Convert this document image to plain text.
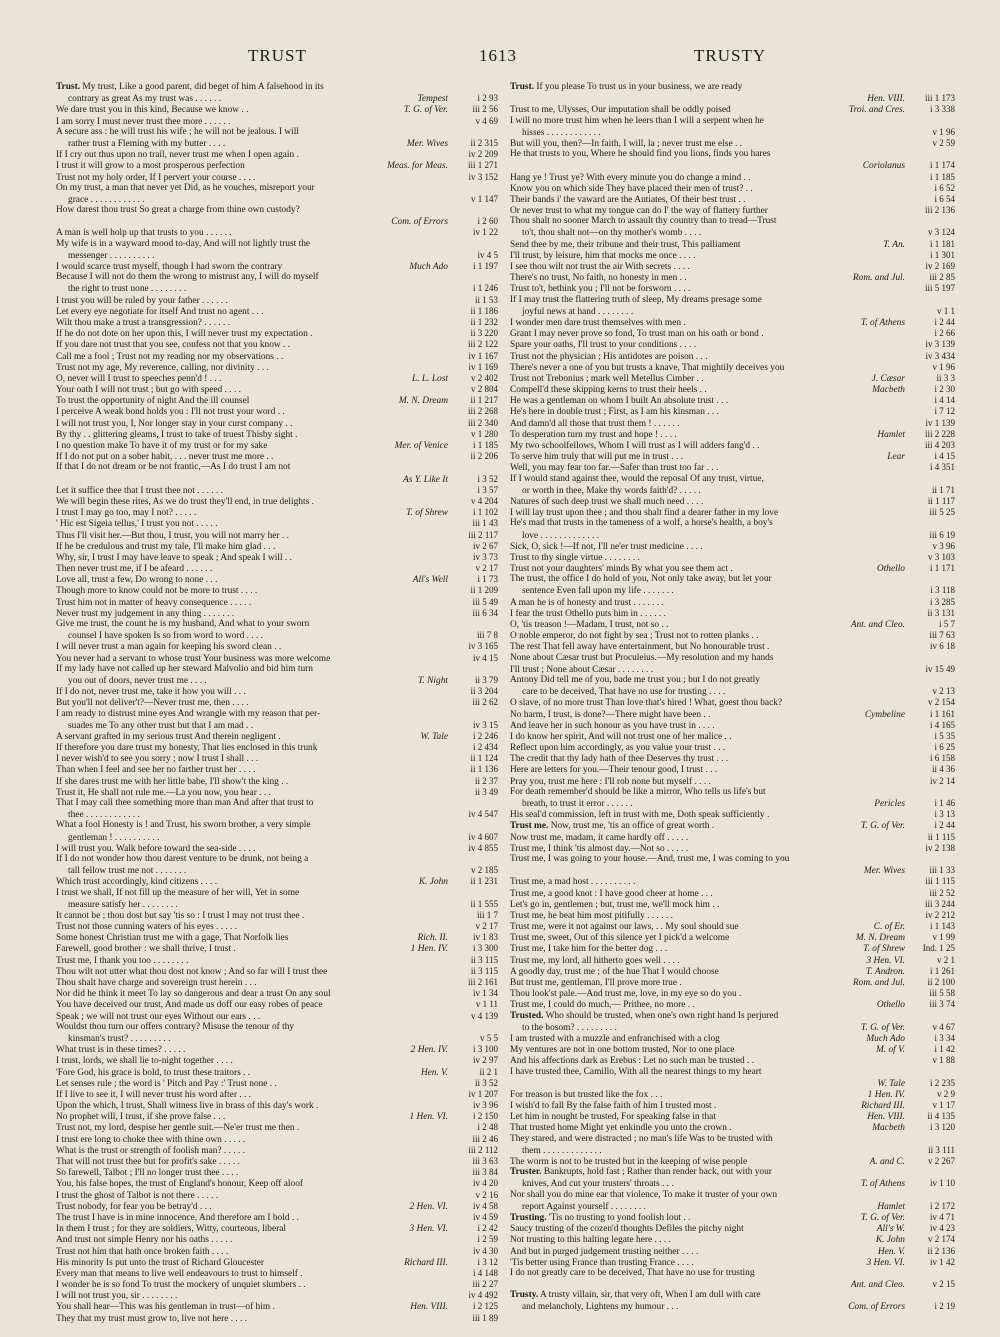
TRUST	1613	TRUSTY
Trust. My trust, Like a good parent, did beget of him A falsehood in its
contrary as great As my trust was . . . . . .	Tempest	i 2 93
We dare trust you in this kind, Because we know . .	T. G. of Ver.	iii 2 56
I am sorry I must never trust thee more . . . . . .	v 4 69
A secure ass : he will trust his wife ; he will not be jealous. I will
rather trust a Fleming with my butter . . . .	Mer. Wives	ii 2 315
If I cry out thus upon no trail, never trust me when I open again .	iv 2 209
I trust it will grow to a most prosperous perfection	Meas. for Meas.	iii 1 271
Trust not my holy order, If I pervert your course . . . .	iv 3 152
On my trust, a man that never yet Did, as he vouches, misreport your
grace . . . . . . . . . . . .	v 1 147
How darest thou trust So great a charge from thine own custody?
Com. of Errors	i 2 60
A man is well holp up that trusts to you . . . . . .	iv 1 22
My wife is in a wayward mood to-day, And will not lightly trust the
messenger . . . . . . . . . .	iv 4 5
I would scarce trust myself, though I had sworn the contrary	Much Ado	i 1 197
Because I will not do them the wrong to mistrust any, I will do myself
the right to trust none . . . . . . . .	i 1 246
I trust you will be ruled by your father . . . . . .	ii 1 53
Let every eye negotiate for itself And trust no agent . . .	ii 1 186
Wilt thou make a trust a transgression? . . . . . .	ii 1 232
If he do not dote on her upon this, I will never trust my expectation .	ii 3 220
If you dare not trust that you see, confess not that you know . .	iii 2 122
Call me a fool ; Trust not my reading nor my observations . .	iv 1 167
Trust not my age, My reverence, calling, nor divinity . . .	iv 1 169
O, never will I trust to speeches penn'd ! . . .	L. L. Lost	v 2 402
Your oath I will not trust ; but go with speed . . . .	v 2 804
To trust the opportunity of night And the ill counsel	M. N. Dream	ii 1 217
I perceive A weak bond holds you : I'll not trust your word . .	iii 2 268
I will not trust you, I, Nor longer stay in your curst company . .	iii 2 340
By thy . . glittering gleams, I trust to take of truest Thisby sight .	v 1 280
I no question make To have it of my trust or for my sake	Mer. of Venice	i 1 185
If I do not put on a sober habit, . . . never trust me more . .	ii 2 206
If that I do not dream or be not frantic,—As I do trust I am not
As Y. Like It	i 3 52
Let it suffice thee that I trust thee not . . . . . .	i 3 57
We will begin these rites, As we do trust they'll end, in true delights .	v 4 204
I trust I may go too, may I not? . . . . .	T. of Shrew	i 1 102
' Hic est Sigeia tellus,' I trust you not . . . . .	iii 1 43
Thus I'll visit her.—But thou, I trust, you will not marry her . .	iii 2 117
If he be credulous and trust my tale, I'll make him glad . . .	iv 2 67
Why, sir, I trust I may have leave to speak ; And speak I will . .	iv 3 73
Then never trust me, if I be afeard . . . . . .	v 2 17
Love all, trust a few, Do wrong to none . . .	All's Well	i 1 73
Though more to know could not be more to trust . . . .	ii 1 209
Trust him not in matter of heavy consequence . . . . .	iii 5 49
Never trust my judgement in any thing . . . . . . .	iii 6 34
Give me trust, the count he is my husband, And what to your sworn
counsel I have spoken Is so from word to word . . . .	iii 7 8
I will never trust a man again for keeping his sword clean . .	iv 3 165
You never had a servant to whose trust Your business was more welcome	iv 4 15
If my lady have not called up her steward Malvolio and bid him turn
you out of doors, never trust me . . . .	T. Night	ii 3 79
If I do not, never trust me, take it how you will . . .	ii 3 204
But you'll not deliver't?—Never trust me, then . . . .	iii 2 62
I am ready to distrust mine eyes And wrangle with my reason that per-
suades me To any other trust but that I am mad . .	iv 3 15
A servant grafted in my serious trust And therein negligent .	W. Tale	i 2 246
If therefore you dare trust my honesty, That lies enclosed in this trunk	i 2 434
I never wish'd to see you sorry ; now I trust I shall . . .	ii 1 124
Than when I feel and see her no farther trust her . . . .	ii 1 136
If she dares trust me with her little babe, I'll show't the king . .	ii 2 37
Trust it, He shall not rule me.—La you now, you hear . . .	ii 3 49
That I may call thee something more than man And after that trust to
thee . . . . . . . . . . . .	iv 4 547
What a fool Honesty is ! and Trust, his sworn brother, a very simple
gentleman ! . . . . . . . . . .	iv 4 607
I will trust you. Walk before toward the sea-side . . . .	iv 4 855
If I do not wonder how thou darest venture to be drunk, not being a
tall fellow trust me not . . . . . . .	v 2 185
Which trust accordingly, kind citizens . . . .	K. John	ii 1 231
I trust we shall, If not fill up the measure of her will, Yet in some
measure satisfy her . . . . . . . .	ii 1 555
It cannot be ; thou dost but say 'tis so : I trust I may not trust thee .	iii 1 7
Trust not those cunning waters of his eyes . . . . .	v 2 17
Some honest Christian trust me with a gage, That Norfolk lies	Rich. II.	iv 1 83
Farewell, good brother : we shall thrive, I trust .	1 Hen. IV.	i 3 300
Trust me, I thank you too . . . . . . . .	ii 3 115
Thou wilt not utter what thou dost not know ; And so far will I trust thee	ii 3 115
Thou shalt have charge and sovereign trust herein . . .	iii 2 161
Nor did he think it meet To lay so dangerous and dear a trust On any soul	iv 1 34
You have deceived our trust, And made us doff our easy robes of peace	v 1 11
Speak ; we will not trust our eyes Without our ears . . .	v 4 139
Wouldst thou turn our offers contrary? Misuse the tenour of thy
kinsman's trust? . . . . . . . . .	v 5 5
What trust is in these times? . . . . .	2 Hen. IV.	i 3 100
I trust, lords, we shall lie to-night together . . . .	iv 2 97
'Fore God, his grace is bold, to trust these traitors . .	Hen. V.	ii 2 1
Let senses rule ; the word is ' Pitch and Pay :' Trust none . .	ii 3 52
If I live to see it, I will never trust his word after . . .	iv 1 207
Upon the which, I trust, Shall witness live in brass of this day's work .	iv 3 96
No prophet will, I trust, if she prove false . . .	1 Hen. VI.	i 2 150
Trust not, my lord, despise her gentle suit.—Ne'er trust me then .	i 2 48
I trust ere long to choke thee with thine own . . . . .	iii 2 46
What is the trust or strength of foolish man? . . . . .	iii 2 112
That will not trust thee but for profit's sake . . . . .	iii 3 63
So farewell, Talbot ; I'll no longer trust thee . . . .	iii 3 84
You, his false hopes, the trust of England's honour, Keep off aloof	iv 4 20
I trust the ghost of Talbot is not there . . . . .	v 2 16
Trust nobody, for fear you be betray'd . . .	2 Hen. VI.	iv 4 58
The trust I have is in mine innocence, And therefore am I bold . .	iv 4 59
In them I trust ; for they are soldiers, Witty, courteous, liberal	3 Hen. VI.	i 2 42
And trust not simple Henry nor his oaths . . . . .	i 2 59
Trust not him that hath once broken faith . . . .	iv 4 30
His minority Is put unto the trust of Richard Gloucester	Richard III.	i 3 12
Every man that means to live well endeavours to trust to himself .	i 4 148
I wonder he is so fond To trust the mockery of unquiet slumbers . .	iii 2 27
I will not trust you, sir . . . . . . . .	iv 4 492
You shall hear—This was his gentleman in trust—of him .	Hen. VIII.	i 2 125
They that my trust must grow to, live not here . . . .	iii 1 89
Trust. If you please To trust us in your business, we are ready
Hen. VIII.	iii 1 173
Trust to me, Ulysses, Our imputation shall be oddly poised	Troi. and Cres.	i 3 338
I will no more trust him when he leers than I will a serpent when he
hisses . . . . . . . . . . . .	v 1 96
But will you, then?—In faith, I will, la ; never trust me else . .	v 2 59
He that trusts to you, Where he should find you lions, finds you hares
Coriolanus	i 1 174
Hang ye ! Trust ye? With every minute you do change a mind . .	i 1 185
Know you on which side They have placed their men of trust? . .	i 6 52
Their bands i' the vaward are the Antiates, Of their best trust . .	i 6 54
Or never trust to what my tongue can do I' the way of flattery further	iii 2 136
Thou shalt no sooner March to assault thy country than to tread—Trust
to't, thou shalt not—on thy mother's womb . . . .	v 3 124
Send thee by me, their tribune and their trust, This palliament	T. An.	i 1 181
I'll trust, by leisure, him that mocks me once . . . .	i 1 301
I see thou wilt not trust the air With secrets . . . .	iv 2 169
There's no trust, No faith, no honesty in men . .	Rom. and Jul.	iii 2 85
Trust to't, bethink you ; I'll not be forsworn . . . .	iii 5 197
If I may trust the flattering truth of sleep, My dreams presage some
joyful news at hand . . . . . . . .	v 1 1
I wonder men dare trust themselves with men .	T. of Athens	i 2 44
Grant I may never prove so fond, To trust man on his oath or bond .	i 2 66
Spare your oaths, I'll trust to your conditions . . . .	iv 3 139
Trust not the physician ; His antidotes are poison . . .	iv 3 434
There's never a one of you but trusts a knave, That mightily deceives you	v 1 96
Trust not Trebonius ; mark well Metellus Cimber . .	J. Cæsar	ii 3 3
Compell'd these skipping kerns to trust their heels . .	Macbeth	i 2 30
He was a gentleman on whom I built An absolute trust . . .	i 4 14
He's here in double trust ; First, as I am his kinsman . . .	i 7 12
And damn'd all those that trust them ! . . . . . .	iv 1 139
To desperation turn my trust and hope ! . . . .	Hamlet	iii 2 228
My two schoolfellows, Whom I will trust as I will adders fang'd . .	iii 4 203
To serve him truly that will put me in trust . . .	Lear	i 4 15
Well, you may fear too far.—Safer than trust too far . . .	i 4 351
If I would stand against thee, would the reposal Of any trust, virtue,
or worth in thee, Make thy words faith'd? . . . . .	ii 1 71
Natures of such deep trust we shall much need . . . .	ii 1 117
I will lay trust upon thee ; and thou shalt find a dearer father in my love	iii 5 25
He's mad that trusts in the tameness of a wolf, a horse's health, a boy's
love . . . . . . . . . . . . .	iii 6 19
Sick, O, sick !—If not, I'll ne'er trust medicine . . . .	v 3 96
Trust to thy single virtue . . . . . . . .	v 3 103
Trust not your daughters' minds By what you see them act .	Othello	i 1 171
The trust, the office I do hold of you, Not only take away, but let your
sentence Even fall upon my life . . . . . . .	i 3 118
A man he is of honesty and trust . . . . . . .	i 3 285
I fear the trust Othello puts him in . . . . . .	ii 3 131
O, 'tis treason !—Madam, I trust, not so . .	Ant. and Cleo.	i 5 7
O noble emperor, do not fight by sea ; Trust not to rotten planks . .	iii 7 63
The rest That fell away have entertainment, but No honourable trust .	iv 6 18
None about Cæsar trust but Proculeius.—My resolution and my hands
I'll trust ; None about Cæsar . . . . . . . .	iv 15 49
Antony Did tell me of you, bade me trust you ; but I do not greatly
care to be deceived, That have no use for trusting . . . .	v 2 13
O slave, of no more trust Than love that's hired ! What, goest thou back?	v 2 154
No harm, I trust, is done?—There might have been . .	Cymbeline	i 1 161
And leave her in such honour as you have trust in . . . .	i 4 165
I do know her spirit, And will not trust one of her malice . .	i 5 35
Reflect upon him accordingly, as you value your trust . . .	i 6 25
The credit that thy lady hath of thee Deserves thy trust . . .	i 6 158
Here are letters for you.—Their tenour good, I trust . . .	ii 4 36
Pray you, trust me here : I'll rob none but myself . . . .	iv 2 14
For death remember'd should be like a mirror, Who tells us life's but
breath, to trust it error . . . . . .	Pericles	i 1 46
His seal'd commission, left in trust with me, Doth speak sufficiently .	i 3 13
Trust me. Now, trust me, 'tis an office of great worth .	T. G. of Ver.	i 2 44
Now trust me, madam, it came hardly off . . . . .	ii 1 115
Trust me, I think 'tis almost day.—Not so . . . . .	iv 2 138
Trust me, I was going to your house.—And, trust me, I was coming to you
Mer. Wives	iii 1 33
Trust me, a mad host . . . . . . . . . .	iii 1 115
Trust me, a good knot : I have good cheer at home . . .	iii 2 52
Let's go in, gentlemen ; but, trust me, we'll mock him . .	iii 3 244
Trust me, he beat him most pitifully . . . . . .	iv 2 212
Trust me, were it not against our laws, . . My soul should sue	C. of Er.	i 1 143
Trust me, sweet, Out of this silence yet I pick'd a welcome	M. N. Dream	v 1 99
Trust me, I take him for the better dog . . .	T. of Shrew	Ind. 1 25
Trust me, my lord, all hitherto goes well . . . .	3 Hen. VI.	v 2 1
A goodly day, trust me ; of the hue That I would choose	T. Andron.	i 1 261
But trust me, gentleman, I'll prove more true .	Rom. and Jul.	ii 2 100
Thou look'st pale.—And trust me, love, in my eye so do you .	iii 5 58
Trust me, I could do much,— Prithee, no more . .	Othello	iii 3 74
Trusted. Who should be trusted, when one's own right hand Is perjured
to the bosom? . . . . . . . . .	T. G. of Ver.	v 4 67
I am trusted with a muzzle and enfranchised with a clog	Much Ado	i 3 34
My ventures are not in one bottom trusted, Nor to one place	M. of V.	i 1 42
And his affections dark as Erebus : Let no such man be trusted . .	v 1 88
I have trusted thee, Camillo, With all the nearest things to my heart
W. Tale	i 2 235
For treason is but trusted like the fox . . .	1 Hen. IV.	v 2 9
I wish'd to fall By the false faith of him I trusted most .	Richard III.	v 1 17
Let him in nought be trusted, For speaking false in that	Hen. VIII.	ii 4 135
That trusted home Might yet enkindle you unto the crown .	Macbeth	i 3 120
They stared, and were distracted ; no man's life Was to be trusted with
them . . . . . . . . . . . . .	ii 3 111
The worm is not to be trusted but in the keeping of wise people	A. and C.	v 2 267
Truster. Bankrupts, hold fast ; Rather than render back, out with your
knives, And cut your trusters' throats . . .	T. of Athens	iv 1 10
Nor shall you do mine ear that violence, To make it truster of your own
report Against yourself . . . . . . . .	Hamlet	i 2 172
Trusting. 'Tis no trusting to yond foolish lout . .	T. G. of Ver.	iv 4 71
Saucy trusting of the cozen'd thoughts Defiles the pitchy night	All's W.	iv 4 23
Not trusting to this halting legate here . . . .	K. John	v 2 174
And but in purged judgement trusting neither . . . .	Hen. V.	ii 2 136
'Tis better using France than trusting France . . . .	3 Hen. VI.	iv 1 42
I do not greatly care to be deceived, That have no use for trusting
Ant. and Cleo.	v 2 15
Trusty. A trusty villain, sir, that very oft, When I am dull with care
and melancholy, Lightens my humour . . .	Com. of Errors	i 2 19
